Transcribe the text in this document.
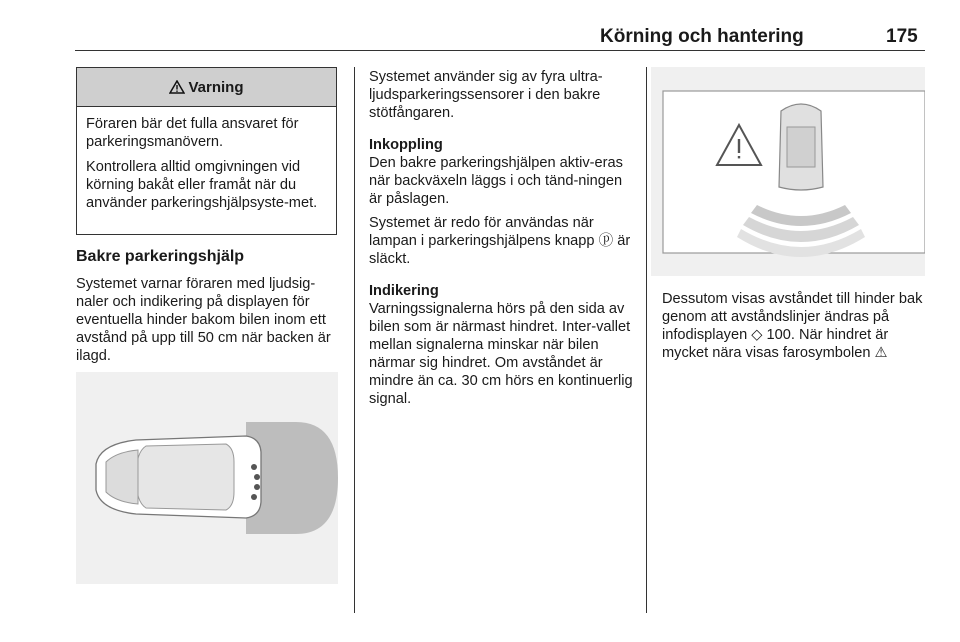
Körning och hantering	175
Varning

Föraren bär det fulla ansvaret för parkeringsmanövern.

Kontrollera alltid omgivningen vid körning bakåt eller framåt när du använder parkeringshjälpsyste-met.

Bakre parkeringshjälp

Systemet varnar föraren med ljudsig-naler och indikering på displayen för eventuella hinder bakom bilen inom ett avstånd på upp till 50 cm när backen är ilagd.

Systemet använder sig av fyra ultra-ljudsparkeringssensorer i den bakre stötfångaren.

Inkoppling

Den bakre parkeringshjälpen aktiv-eras när backväxeln läggs i och tänd-ningen är påslagen.

Systemet är redo för användas när lampan i parkeringshjälpens knapp ⓟ är släckt.

Indikering

Varningssignalerna hörs på den sida av bilen som är närmast hindret. Inter-vallet mellan signalerna minskar när bilen närmar sig hindret. Om avståndet är mindre än ca. 30 cm hörs en kontinuerlig signal.

Dessutom visas avståndet till hinder bak genom att avståndslinjer ändras på infodisplayen ◇ 100. När hindret är mycket nära visas farosymbolen ⚠
